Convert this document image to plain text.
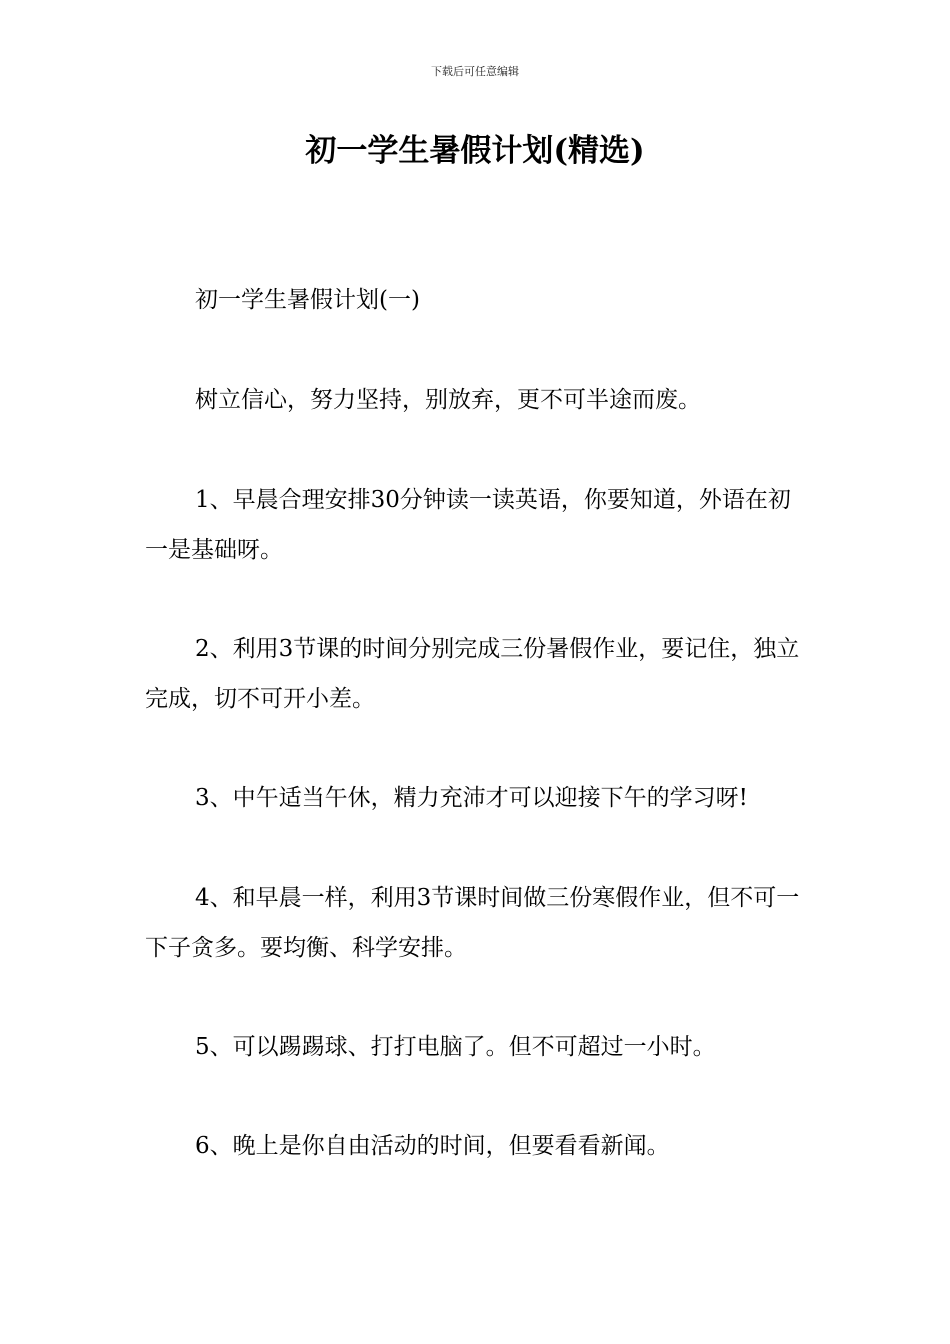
下载后可任意编辑
初一学生暑假计划(精选)

初一学生暑假计划(一)

树立信心，努力坚持，别放弃，更不可半途而废。

1、早晨合理安排30分钟读一读英语，你要知道，外语在初一是基础呀。

2、利用3节课的时间分别完成三份暑假作业，要记住，独立完成，切不可开小差。

3、中午适当午休，精力充沛才可以迎接下午的学习呀!

4、和早晨一样，利用3节课时间做三份寒假作业，但不可一下子贪多。要均衡、科学安排。

5、可以踢踢球、打打电脑了。但不可超过一小时。

6、晚上是你自由活动的时间，但要看看新闻。
